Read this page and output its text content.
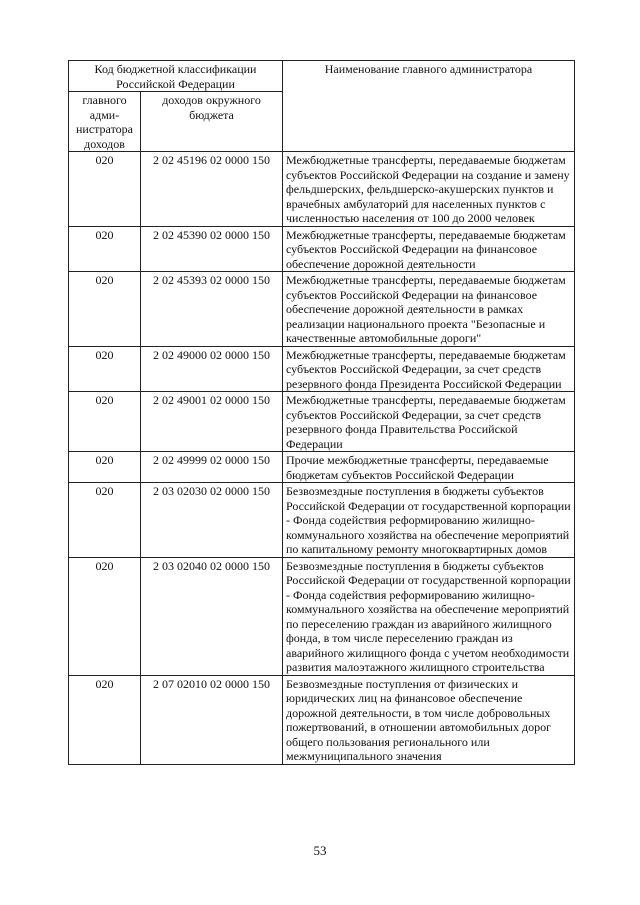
Код бюджетной классификации Российской Федерации		Наименование главного администратора
главного адми-нистратора доходов	доходов окружного бюджета	
020	2 02 45196 02 0000 150	Межбюджетные трансферты, передаваемые бюджетам субъектов Российской Федерации на создание и замену фельдшерских, фельдшерско-акушерских пунктов и врачебных амбулаторий для населенных пунктов с численностью населения от 100 до 2000 человек
020	2 02 45390 02 0000 150	Межбюджетные трансферты, передаваемые бюджетам субъектов Российской Федерации на финансовое обеспечение дорожной деятельности
020	2 02 45393 02 0000 150	Межбюджетные трансферты, передаваемые бюджетам субъектов Российской Федерации на финансовое обеспечение дорожной деятельности в рамках реализации национального проекта "Безопасные и качественные автомобильные дороги"
020	2 02 49000 02 0000 150	Межбюджетные трансферты, передаваемые бюджетам субъектов Российской Федерации, за счет средств резервного фонда Президента Российской Федерации
020	2 02 49001 02 0000 150	Межбюджетные трансферты, передаваемые бюджетам субъектов Российской Федерации, за счет средств резервного фонда Правительства Российской Федерации
020	2 02 49999 02 0000 150	Прочие межбюджетные трансферты, передаваемые бюджетам субъектов Российской Федерации
020	2 03 02030 02 0000 150	Безвозмездные поступления в бюджеты субъектов Российской Федерации от государственной корпорации - Фонда содействия реформированию жилищно-коммунального хозяйства на обеспечение мероприятий по капитальному ремонту многоквартирных домов
020	2 03 02040 02 0000 150	Безвозмездные поступления в бюджеты субъектов Российской Федерации от государственной корпорации - Фонда содействия реформированию жилищно-коммунального хозяйства на обеспечение мероприятий по переселению граждан из аварийного жилищного фонда, в том числе переселению граждан из аварийного жилищного фонда с учетом необходимости развития малоэтажного жилищного строительства
020	2 07 02010 02 0000 150	Безвозмездные поступления от физических и юридических лиц на финансовое обеспечение дорожной деятельности, в том числе добровольных пожертвований, в отношении автомобильных дорог общего пользования регионального или межмуниципального значения
53
